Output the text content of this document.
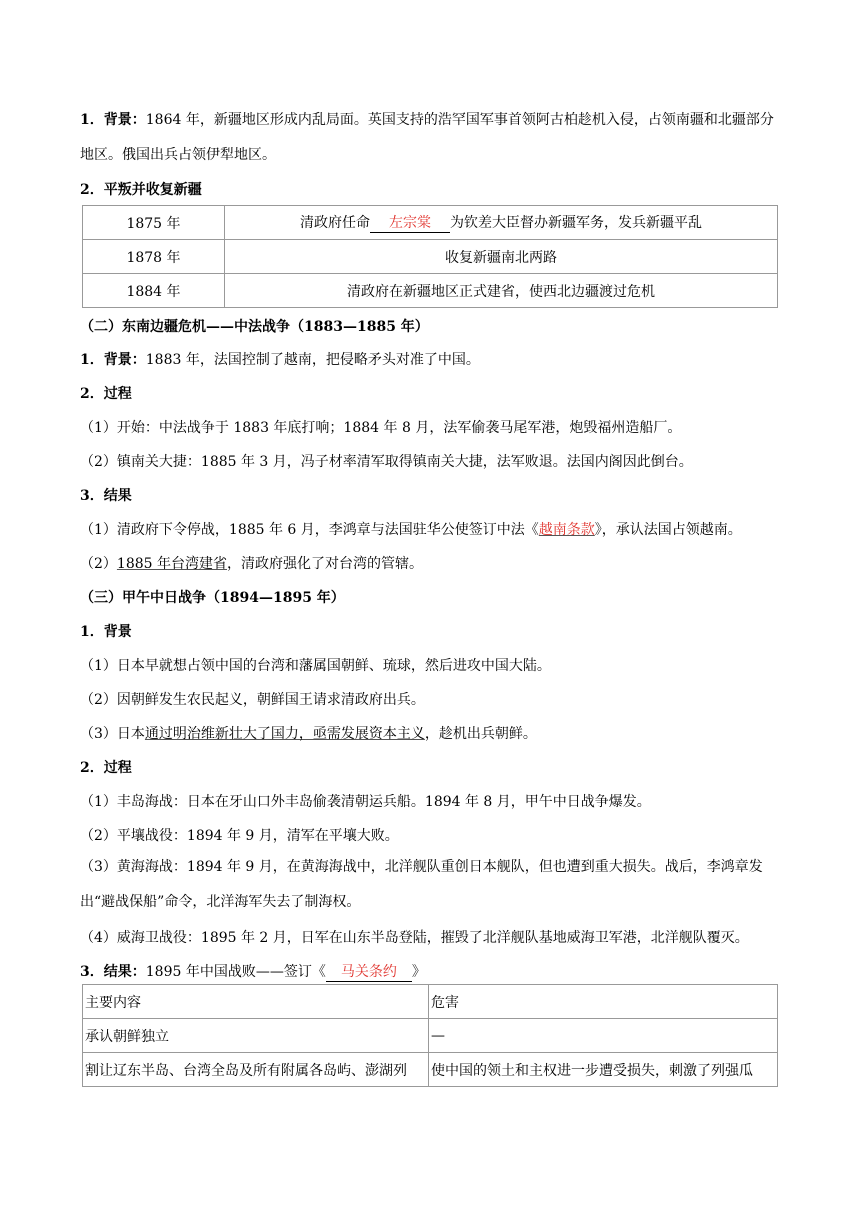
1．背景：1864 年，新疆地区形成内乱局面。英国支持的浩罕国军事首领阿古柏趁机入侵，占领南疆和北疆部分地区。俄国出兵占领伊犁地区。
2．平叛并收复新疆
1875 年	清政府任命 左宗棠 为钦差大臣督办新疆军务，发兵新疆平乱
1878 年	收复新疆南北两路
1884 年	清政府在新疆地区正式建省，使西北边疆渡过危机
（二）东南边疆危机——中法战争（1883—1885 年）
1．背景：1883 年，法国控制了越南，把侵略矛头对准了中国。
2．过程
（1）开始：中法战争于 1883 年底打响；1884 年 8 月，法军偷袭马尾军港，炮毁福州造船厂。
（2）镇南关大捷：1885 年 3 月，冯子材率清军取得镇南关大捷，法军败退。法国内阁因此倒台。
3．结果
（1）清政府下令停战，1885 年 6 月，李鸿章与法国驻华公使签订中法《越南条款》，承认法国占领越南。
（2）1885 年台湾建省，清政府强化了对台湾的管辖。
（三）甲午中日战争（1894—1895 年）
1．背景
（1）日本早就想占领中国的台湾和藩属国朝鲜、琉球，然后进攻中国大陆。
（2）因朝鲜发生农民起义，朝鲜国王请求清政府出兵。
（3）日本通过明治维新壮大了国力，亟需发展资本主义，趁机出兵朝鲜。
2．过程
（1）丰岛海战：日本在牙山口外丰岛偷袭清朝运兵船。1894 年 8 月，甲午中日战争爆发。
（2）平壤战役：1894 年 9 月，清军在平壤大败。
（3）黄海海战：1894 年 9 月，在黄海海战中，北洋舰队重创日本舰队，但也遭到重大损失。战后，李鸿章发出“避战保船”命令，北洋海军失去了制海权。
（4）威海卫战役：1895 年 2 月，日军在山东半岛登陆，摧毁了北洋舰队基地威海卫军港，北洋舰队覆灭。
3．结果：1895 年中国战败——签订《 马关条约 》
主要内容	危害
承认朝鲜独立	—
割让辽东半岛、台湾全岛及所有附属各岛屿、澎湖列	使中国的领土和主权进一步遭受损失，刺激了列强瓜
